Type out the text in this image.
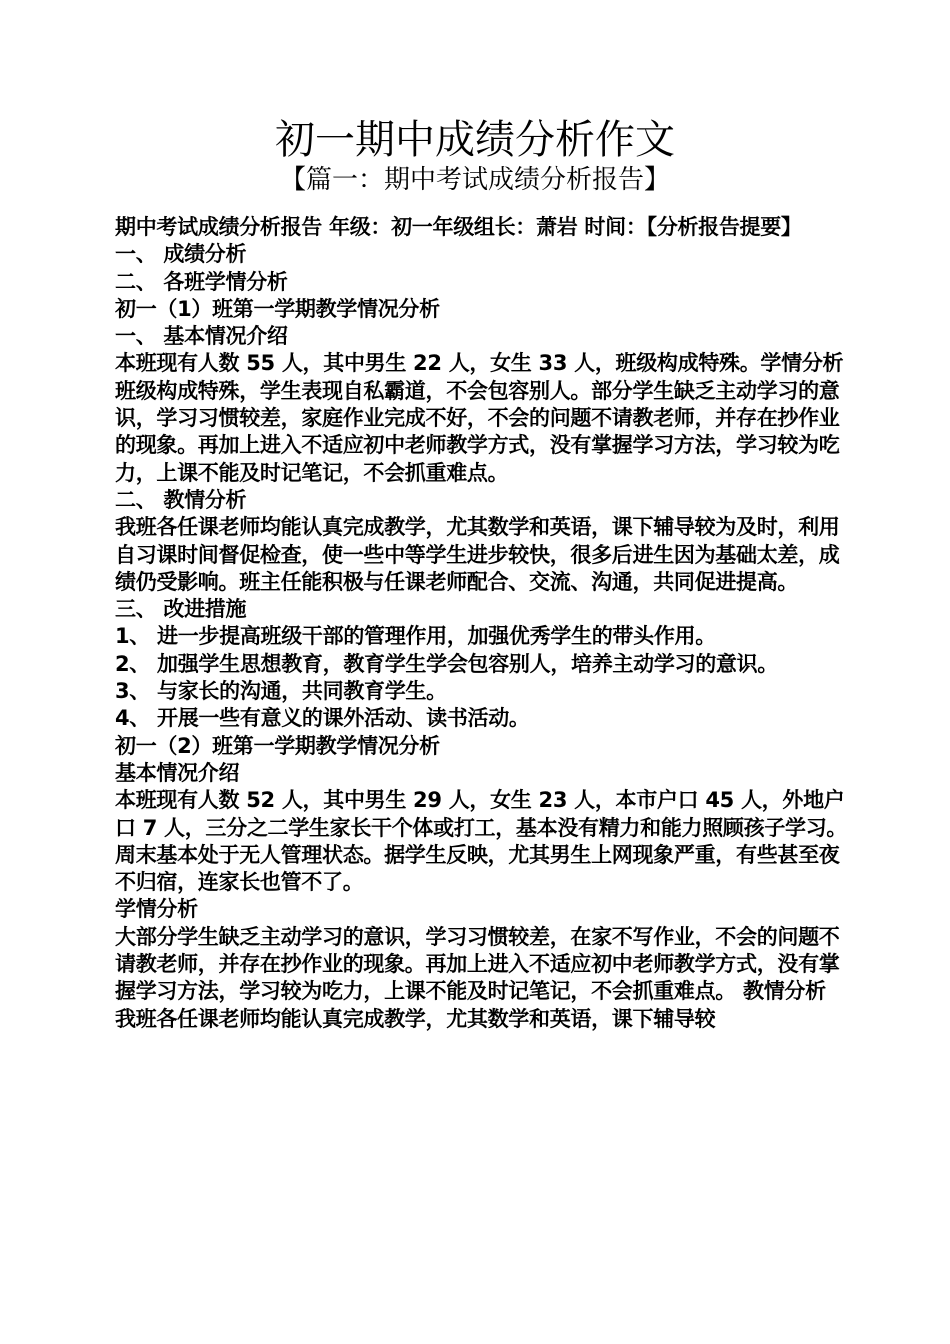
初一期中成绩分析作文
【篇一：期中考试成绩分析报告】

期中考试成绩分析报告 年级：初一年级组长：萧岩 时间：【分析报告提要】

一、 成绩分析

二、 各班学情分析

初一（1）班第一学期教学情况分析

一、 基本情况介绍

本班现有人数 55 人，其中男生 22 人，女生 33 人，班级构成特殊。学情分析

班级构成特殊，学生表现自私霸道，不会包容别人。部分学生缺乏主动学习的意识，学习习惯较差，家庭作业完成不好，不会的问题不请教老师，并存在抄作业的现象。再加上进入不适应初中老师教学方式，没有掌握学习方法，学习较为吃力，上课不能及时记笔记，不会抓重难点。

二、 教情分析

我班各任课老师均能认真完成教学，尤其数学和英语，课下辅导较为及时，利用自习课时间督促检查，使一些中等学生进步较快，很多后进生因为基础太差，成绩仍受影响。班主任能积极与任课老师配合、交流、沟通，共同促进提高。

三、 改进措施

1、 进一步提高班级干部的管理作用，加强优秀学生的带头作用。

2、 加强学生思想教育，教育学生学会包容别人，培养主动学习的意识。

3、 与家长的沟通，共同教育学生。

4、 开展一些有意义的课外活动、读书活动。

初一（2）班第一学期教学情况分析

基本情况介绍

本班现有人数 52 人，其中男生 29 人，女生 23 人，本市户口 45 人，外地户口 7 人，三分之二学生家长干个体或打工，基本没有精力和能力照顾孩子学习。周末基本处于无人管理状态。据学生反映，尤其男生上网现象严重，有些甚至夜不归宿，连家长也管不了。

学情分析

大部分学生缺乏主动学习的意识，学习习惯较差，在家不写作业，不会的问题不请教老师，并存在抄作业的现象。再加上进入不适应初中老师教学方式，没有掌握学习方法，学习较为吃力，上课不能及时记笔记，不会抓重难点。 教情分析

我班各任课老师均能认真完成教学，尤其数学和英语，课下辅导较
